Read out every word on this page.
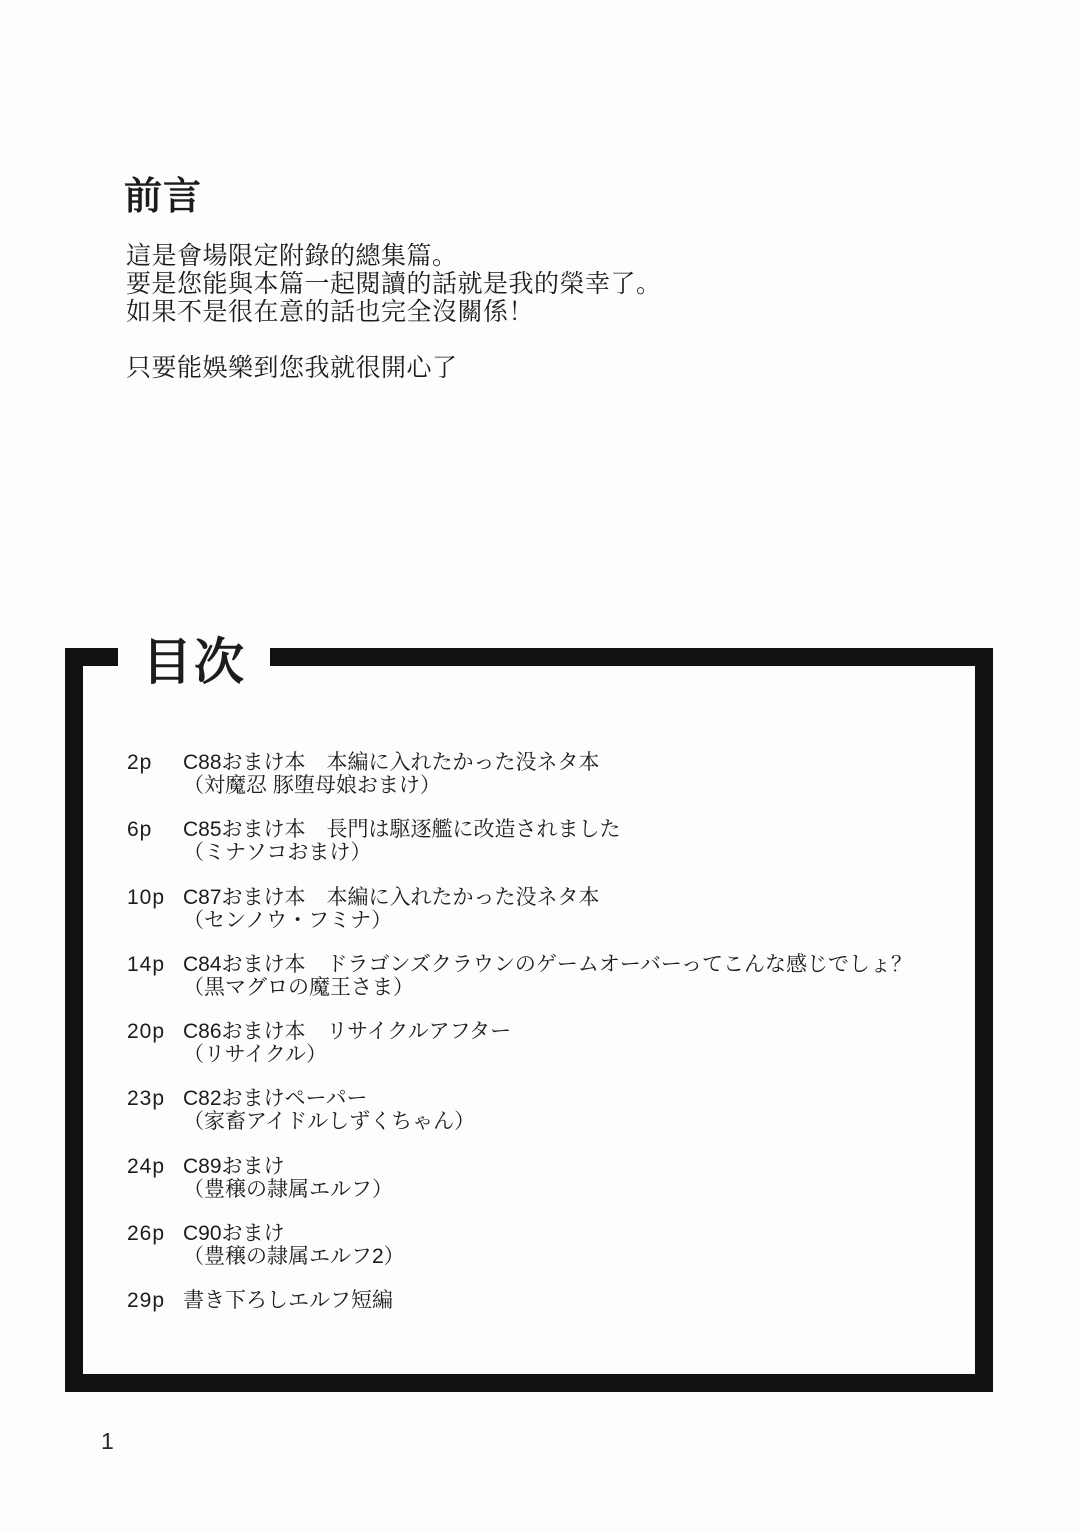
前言
這是會場限定附錄的總集篇。
要是您能與本篇一起閱讀的話就是我的榮幸了。
如果不是很在意的話也完全沒關係！
只要能娛樂到您我就很開心了
目次
2p C88おまけ本　本編に入れたかった没ネタ本
（対魔忍 豚堕母娘おまけ）
6p C85おまけ本　長門は駆逐艦に改造されました
（ミナソコおまけ）
10p C87おまけ本　本編に入れたかった没ネタ本
（センノウ・フミナ）
14p C84おまけ本　ドラゴンズクラウンのゲームオーバーってこんな感じでしょ？
（黒マグロの魔王さま）
20p C86おまけ本　リサイクルアフター
（リサイクル）
23p C82おまけペーパー
（家畜アイドルしずくちゃん）
24p C89おまけ
（豊穣の隷属エルフ）
26p C90おまけ
（豊穣の隷属エルフ2）
29p 書き下ろしエルフ短編
1
